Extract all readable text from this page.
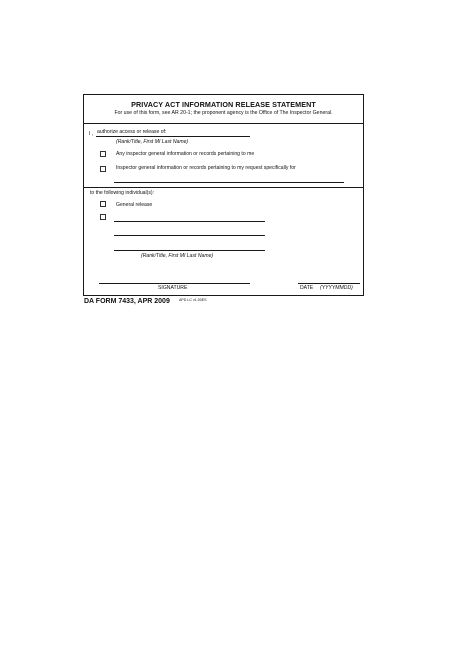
PRIVACY ACT INFORMATION RELEASE STATEMENT
For use of this form, see AR 20-1; the proponent agency is the Office of The Inspector General.
I , authorize access or release of:
(Rank/Title, First MI Last Name)
Any inspector general information or records pertaining to me
Inspector general information or records pertaining to my request specifically for
to the following individual(s):
General release
(Rank/Title, First MI Last Name)
SIGNATURE	DATE (YYYYMMDD)
DA FORM 7433, APR 2009	APD LC v1.00ES
